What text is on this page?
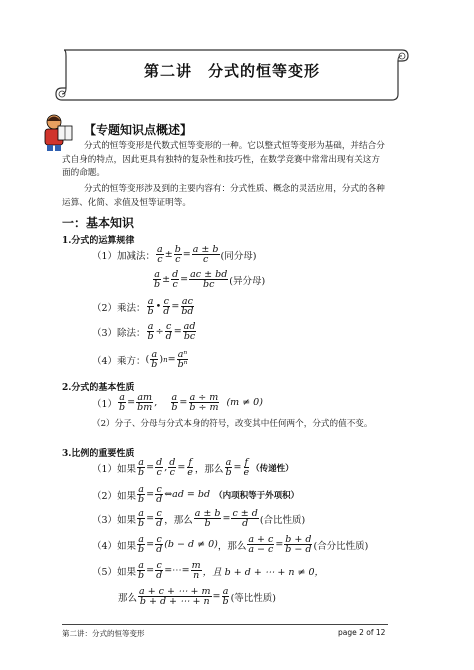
第二讲　分式的恒等变形
【专题知识点概述】
分式的恒等变形是代数式恒等变形的一种。它以整式恒等变形为基础，并结合分式自身的特点，因此更具有独特的复杂性和技巧性，在数学竞赛中常常出现有关这方面的命题。
分式的恒等变形涉及到的主要内容有：分式性质、概念的灵活应用，分式的各种运算、化简、求值及恒等证明等。
一：基本知识
1.分式的运算规律
（1）加减法： $\frac{a}{c} \pm \frac{b}{c} = \frac{a \pm b}{c}$ (同分母)
$\frac{a}{b} \pm \frac{d}{c} = \frac{ac \pm bd}{bc}$ (异分母)
（2）乘法： $\frac{a}{b}$ • $\frac{c}{d} = \frac{ac}{bd}$
（3）除法： $\frac{a}{b} \div \frac{c}{d} = \frac{ad}{bc}$
（4）乘方： ( $\frac{a}{b}$ ) $n = \frac{\text{aⁿ}}{\text{bⁿ}}$
2.分式的基本性质
$(1) \frac{a}{b} = \frac{am}{bm}$ , $\frac{a}{b} = \frac{a \div m}{b \div m} (m \ne 0)$
（2）分子、分母与分式本身的符号，改变其中任何两个，分式的值不变。
3.比例的重要性质
（1）如果 $\frac{a}{b} = \frac{d}{c}$ , $\frac{d}{c} = \frac{f}{e}$ ，那么 $\frac{a}{b} = \frac{f}{e}$ （传递性）
（2）如果 $\frac{a}{b} = \frac{c}{d}$ ⇔ad = bd （内项积等于外项积）
（3）如果 $\frac{a}{b} = \frac{c}{d}$ ，那么 $\frac{a \pm b}{b} = \frac{c \pm d}{d}$ (合比性质)
（4）如果 $\frac{a}{b} = \frac{c}{d} (b - d \ne 0)$ ，那么 $\frac{a + c}{a - c} = \frac{b + d}{b - d}$ (合分比性质)
（5）如果 $\frac{a}{b} = \frac{c}{d}$ =⋯= $\frac{m}{n}$ ，且 b + d + ⋯ + n ≠ 0，
那么 $\frac{a + c + \cdots + m}{b + d + \cdots + n} = \frac{a}{b}$ (等比性质)
第二讲：分式的恒等变形	page 2 of 12
